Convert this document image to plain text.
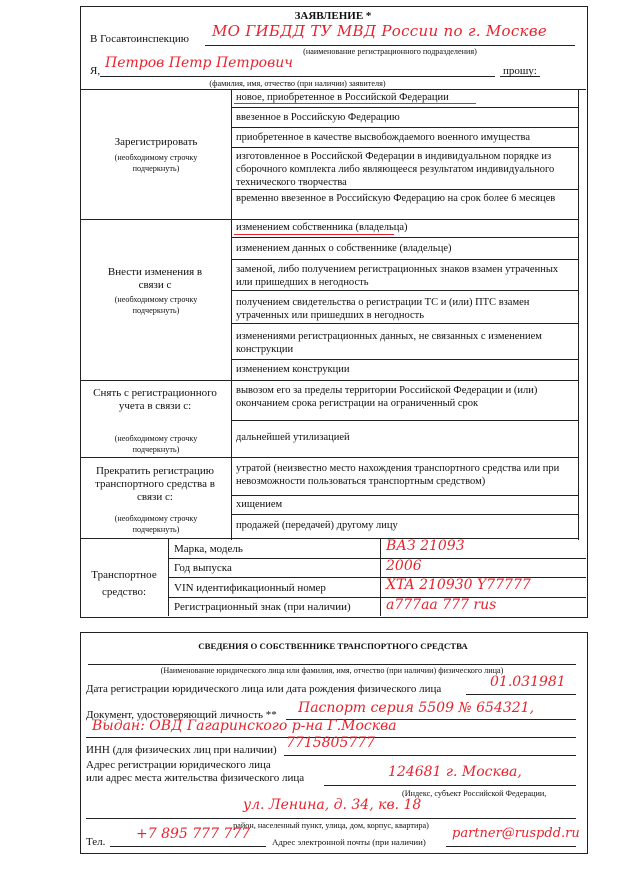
ЗАЯВЛЕНИЕ *
В Госавтоинспекцию МО ГИБДД ТУ МВД России по г. Москве
(наименование регистрационного подразделения)
Я, Петров Петр Петрович	прошу:
(фамилия, имя, отчество (при наличии) заявителя)
Зарегистрировать
(необходимому строчку подчеркнуть)
новое, приобретенное в Российской Федерации
ввезенное в Российскую Федерацию
приобретенное в качестве высвобождаемого военного имущества
изготовленное в Российской Федерации в индивидуальном порядке из сборочного комплекта либо являющееся результатом индивидуального технического творчества
временно ввезенное в Российскую Федерацию на срок более 6 месяцев
Внести изменения в связи с
(необходимому строчку подчеркнуть)
изменением собственника (владельца)
изменением данных о собственнике (владельце)
заменой, либо получением регистрационных знаков взамен утраченных или пришедших в негодность
получением свидетельства о регистрации ТС и (или) ПТС взамен утраченных или пришедших в негодность
изменениями регистрационных данных, не связанных с изменением конструкции
изменением конструкции
Снять с регистрационного учета в связи с:
(необходимому строчку подчеркнуть)
вывозом его за пределы территории Российской Федерации и (или) окончанием срока регистрации на ограниченный срок
дальнейшей утилизацией
Прекратить регистрацию транспортного средства в связи с:
(необходимому строчку подчеркнуть)
утратой (неизвестно место нахождения транспортного средства или при невозможности пользоваться транспортным средством)
хищением
продажей (передачей) другому лицу
Транспортное средство:
Марка, модель	ВАЗ 21093
Год выпуска	2006
VIN идентификационный номер	XTA 210930 Y77777
Регистрационный знак (при наличии)	а777аа 777 rus
СВЕДЕНИЯ О СОБСТВЕННИКЕ ТРАНСПОРТНОГО СРЕДСТВА
(Наименование юридического лица или фамилия, имя, отчество (при наличии) физического лица)
Дата регистрации юридического лица или дата рождения физического лица	01.031981
Документ, удостоверяющий личность ** Паспорт серия 5509 № 654321,
Выдан: ОВД Гагаринского р-на Г.Москва
ИНН (для физических лиц при наличии) 7715805777
Адрес регистрации юридического лица
или адрес места жительства физического лица	124681 г. Москва,
(Индекс, субъект Российской Федерации,
ул. Ленина, д. 34, кв. 18
район, населенный пункт, улица, дом, корпус, квартира)
Тел. +7 895 777 777 Адрес электронной почты (при наличии)
partner@ruspdd.ru
